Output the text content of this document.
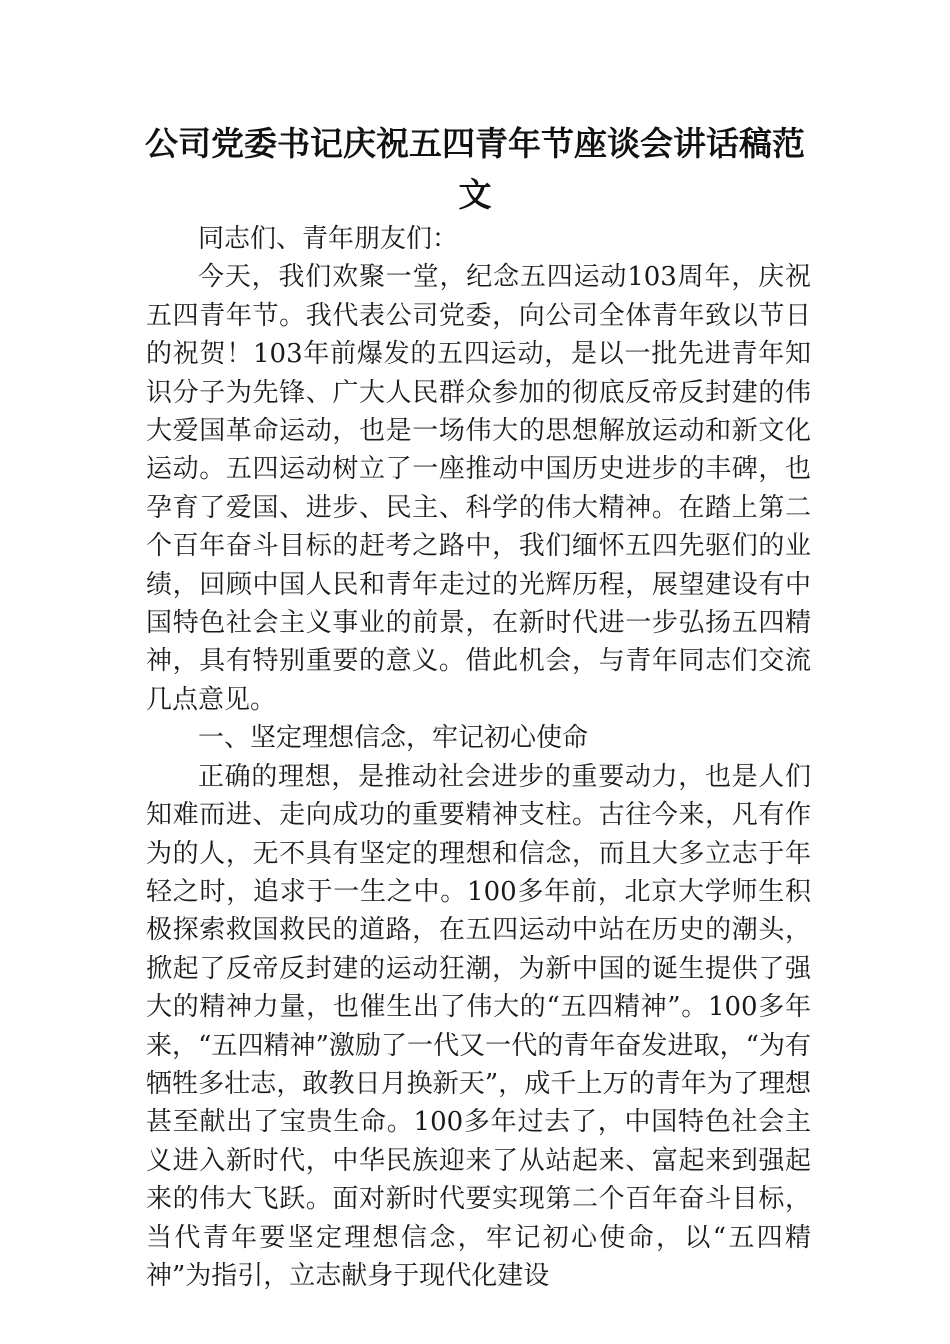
公司党委书记庆祝五四青年节座谈会讲话稿范文

同志们、青年朋友们：

今天，我们欢聚一堂，纪念五四运动103周年，庆祝五四青年节。我代表公司党委，向公司全体青年致以节日的祝贺！103年前爆发的五四运动，是以一批先进青年知识分子为先锋、广大人民群众参加的彻底反帝反封建的伟大爱国革命运动，也是一场伟大的思想解放运动和新文化运动。五四运动树立了一座推动中国历史进步的丰碑，也孕育了爱国、进步、民主、科学的伟大精神。在踏上第二个百年奋斗目标的赶考之路中，我们缅怀五四先驱们的业绩，回顾中国人民和青年走过的光辉历程，展望建设有中国特色社会主义事业的前景，在新时代进一步弘扬五四精神，具有特别重要的意义。借此机会，与青年同志们交流几点意见。

一、坚定理想信念，牢记初心使命

正确的理想，是推动社会进步的重要动力，也是人们知难而进、走向成功的重要精神支柱。古往今来，凡有作为的人，无不具有坚定的理想和信念，而且大多立志于年轻之时，追求于一生之中。100多年前，北京大学师生积极探索救国救民的道路，在五四运动中站在历史的潮头，掀起了反帝反封建的运动狂潮，为新中国的诞生提供了强大的精神力量，也催生出了伟大的“五四精神”。100多年来，“五四精神”激励了一代又一代的青年奋发进取，“为有牺牲多壮志，敢教日月换新天”，成千上万的青年为了理想甚至献出了宝贵生命。100多年过去了，中国特色社会主义进入新时代，中华民族迎来了从站起来、富起来到强起来的伟大飞跃。面对新时代要实现第二个百年奋斗目标，当代青年要坚定理想信念，牢记初心使命，以“五四精神”为指引，立志献身于现代化建设
